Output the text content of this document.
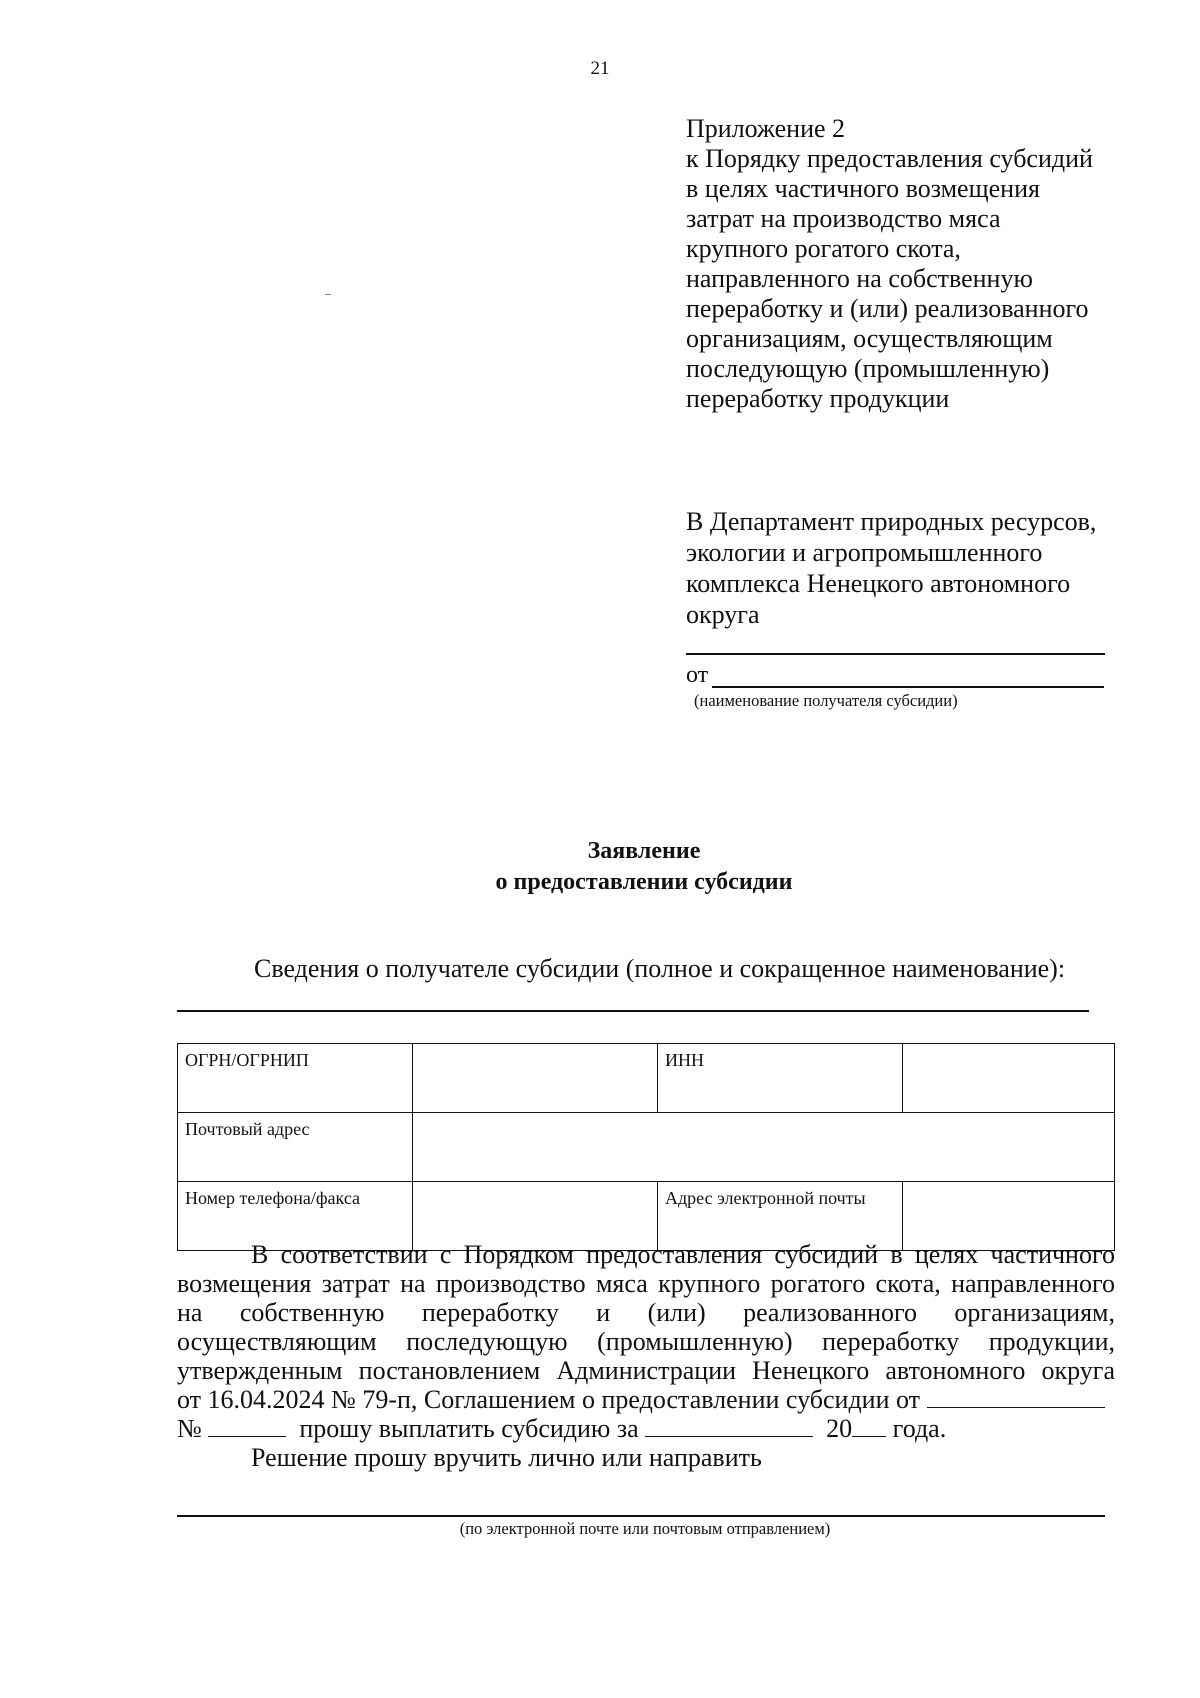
21
Приложение 2
к Порядку предоставления субсидий
в целях частичного возмещения
затрат на производство мяса
крупного рогатого скота,
направленного на собственную
переработку и (или) реализованного
организациям, осуществляющим
последующую (промышленную)
переработку продукции
В Департамент природных ресурсов,
экологии и агропромышленного
комплекса Ненецкого автономного
округа
от
(наименование получателя субсидии)
Заявление
о предоставлении субсидии
Сведения о получателе субсидии (полное и сокращенное наименование):
ОГРН/ОГРНИП		ИНН	
Почтовый адрес			
Номер телефона/факса		Адрес электронной почты	

В соответствии с Порядком предоставления субсидий в целях частичного

возмещения затрат на производство мяса крупного рогатого скота, направленного

на собственную переработку и (или) реализованного организациям,

осуществляющим последующую (промышленную) переработку продукции,

утвержденным постановлением Администрации Ненецкого автономного округа

от 16.04.2024 № 79-п, Соглашением о предоставлении субсидии от

№	прошу выплатить субсидию за	20 года.

Решение прошу вручить лично или направить

(по электронной почте или почтовым отправлением)
